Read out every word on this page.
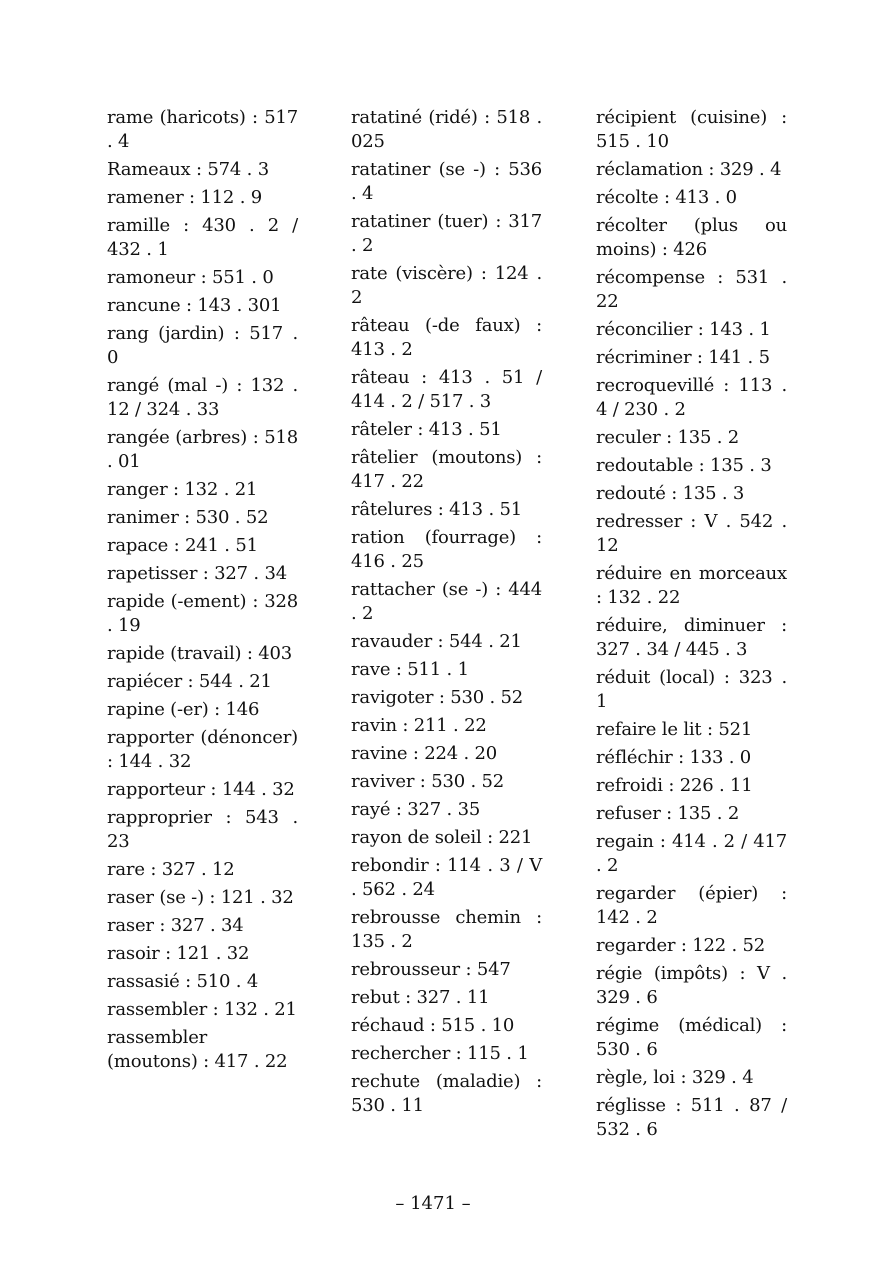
rame (haricots) : 517 . 4
Rameaux : 574 . 3
ramener : 112 . 9
ramille : 430 . 2 / 432 . 1
ramoneur : 551 . 0
rancune : 143 . 301
rang (jardin) : 517 . 0
rangé (mal -) : 132 . 12 / 324 . 33
rangée (arbres) : 518 . 01
ranger : 132 . 21
ranimer : 530 . 52
rapace : 241 . 51
rapetisser : 327 . 34
rapide (-ement) : 328 . 19
rapide (travail) : 403
rapiécer : 544 . 21
rapine (-er) : 146
rapporter (dénoncer) : 144 . 32
rapporteur : 144 . 32
rapproprier : 543 . 23
rare : 327 . 12
raser (se -) : 121 . 32
raser : 327 . 34
rasoir : 121 . 32
rassasié : 510 . 4
rassembler : 132 . 21
rassembler (moutons) : 417 . 22
ratatiné (ridé) : 518 . 025
ratatiner (se -) : 536 . 4
ratatiner (tuer) : 317 . 2
rate (viscère) : 124 . 2
râteau (-de faux) : 413 . 2
râteau : 413 . 51 / 414 . 2 / 517 . 3
râteler : 413 . 51
râtelier (moutons) : 417 . 22
râtelures : 413 . 51
ration (fourrage) : 416 . 25
rattacher (se -) : 444 . 2
ravauder : 544 . 21
rave : 511 . 1
ravigoter : 530 . 52
ravin : 211 . 22
ravine : 224 . 20
raviver : 530 . 52
rayé : 327 . 35
rayon de soleil : 221
rebondir : 114 . 3 / V . 562 . 24
rebrousse chemin : 135 . 2
rebrousseur : 547
rebut : 327 . 11
réchaud : 515 . 10
rechercher : 115 . 1
rechute (maladie) : 530 . 11
récipient (cuisine) : 515 . 10
réclamation : 329 . 4
récolte : 413 . 0
récolter (plus ou moins) : 426
récompense : 531 . 22
réconcilier : 143 . 1
récriminer : 141 . 5
recroquevillé : 113 . 4 / 230 . 2
reculer : 135 . 2
redoutable : 135 . 3
redouté : 135 . 3
redresser : V . 542 . 12
réduire en morceaux : 132 . 22
réduire, diminuer : 327 . 34 / 445 . 3
réduit (local) : 323 . 1
refaire le lit : 521
réfléchir : 133 . 0
refroidi : 226 . 11
refuser : 135 . 2
regain : 414 . 2 / 417 . 2
regarder (épier) : 142 . 2
regarder : 122 . 52
régie (impôts) : V . 329 . 6
régime (médical) : 530 . 6
règle, loi : 329 . 4
réglisse : 511 . 87 / 532 . 6
– 1471 –
